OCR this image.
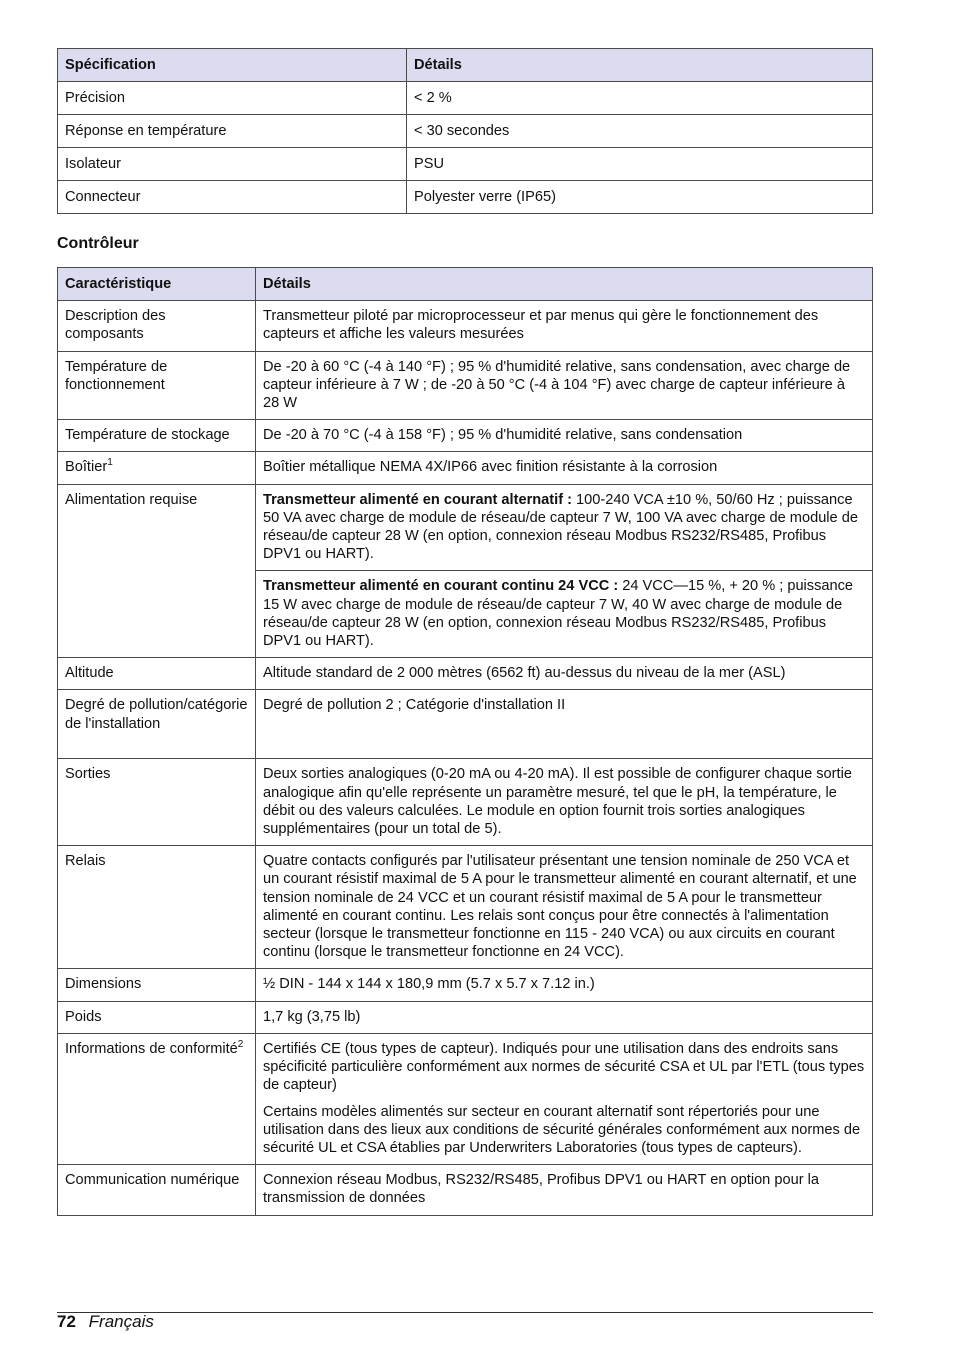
Spécification	Détails
Précision	< 2 %
Réponse en température	< 30 secondes
Isolateur	PSU
Connecteur	Polyester verre (IP65)
Contrôleur
Caractéristique	Détails
Description des composants	Transmetteur piloté par microprocesseur et par menus qui gère le fonctionnement des capteurs et affiche les valeurs mesurées
Température de fonctionnement	De -20 à 60 °C (-4 à 140 °F) ; 95 % d'humidité relative, sans condensation, avec charge de capteur inférieure à 7 W ; de -20 à 50 °C (-4 à 104 °F) avec charge de capteur inférieure à 28 W
Température de stockage	De -20 à 70 °C (-4 à 158 °F) ; 95 % d'humidité relative, sans condensation
Boîtier$^1$	Boîtier métallique NEMA 4X/IP66 avec finition résistante à la corrosion
Alimentation requise	Transmetteur alimenté en courant alternatif : 100-240 VCA ±10 %, 50/60 Hz ; puissance 50 VA avec charge de module de réseau/de capteur 7 W, 100 VA avec charge de module de réseau/de capteur 28 W (en option, connexion réseau Modbus RS232/RS485, Profibus DPV1 ou HART).
	Transmetteur alimenté en courant continu 24 VCC : 24 VCC—15 %, + 20 % ; puissance 15 W avec charge de module de réseau/de capteur 7 W, 40 W avec charge de module de réseau/de capteur 28 W (en option, connexion réseau Modbus RS232/RS485, Profibus DPV1 ou HART).
Altitude	Altitude standard de 2 000 mètres (6562 ft) au-dessus du niveau de la mer (ASL)
Degré de pollution/catégorie de l'installation	Degré de pollution 2 ; Catégorie d'installation II
Sorties	Deux sorties analogiques (0-20 mA ou 4-20 mA). Il est possible de configurer chaque sortie analogique afin qu'elle représente un paramètre mesuré, tel que le pH, la température, le débit ou des valeurs calculées. Le module en option fournit trois sorties analogiques supplémentaires (pour un total de 5).
Relais	Quatre contacts configurés par l'utilisateur présentant une tension nominale de 250 VCA et un courant résistif maximal de 5 A pour le transmetteur alimenté en courant alternatif, et une tension nominale de 24 VCC et un courant résistif maximal de 5 A pour le transmetteur alimenté en courant continu. Les relais sont conçus pour être connectés à l'alimentation secteur (lorsque le transmetteur fonctionne en 115 - 240 VCA) ou aux circuits en courant continu (lorsque le transmetteur fonctionne en 24 VCC).
Dimensions	½ DIN - 144 x 144 x 180,9 mm (5.7 x 5.7 x 7.12 in.)
Poids	1,7 kg (3,75 lb)
Informations de conformité$^2$	Certifiés CE (tous types de capteur). Indiqués pour une utilisation dans des endroits sans spécificité particulière conformément aux normes de sécurité CSA et UL par l'ETL (tous types de capteur)

Certains modèles alimentés sur secteur en courant alternatif sont répertoriés pour une utilisation dans des lieux aux conditions de sécurité générales conformément aux normes de sécurité UL et CSA établies par Underwriters Laboratories (tous types de capteurs).

Communication numérique	Connexion réseau Modbus, RS232/RS485, Profibus DPV1 ou HART en option pour la transmission de données
72 Français
